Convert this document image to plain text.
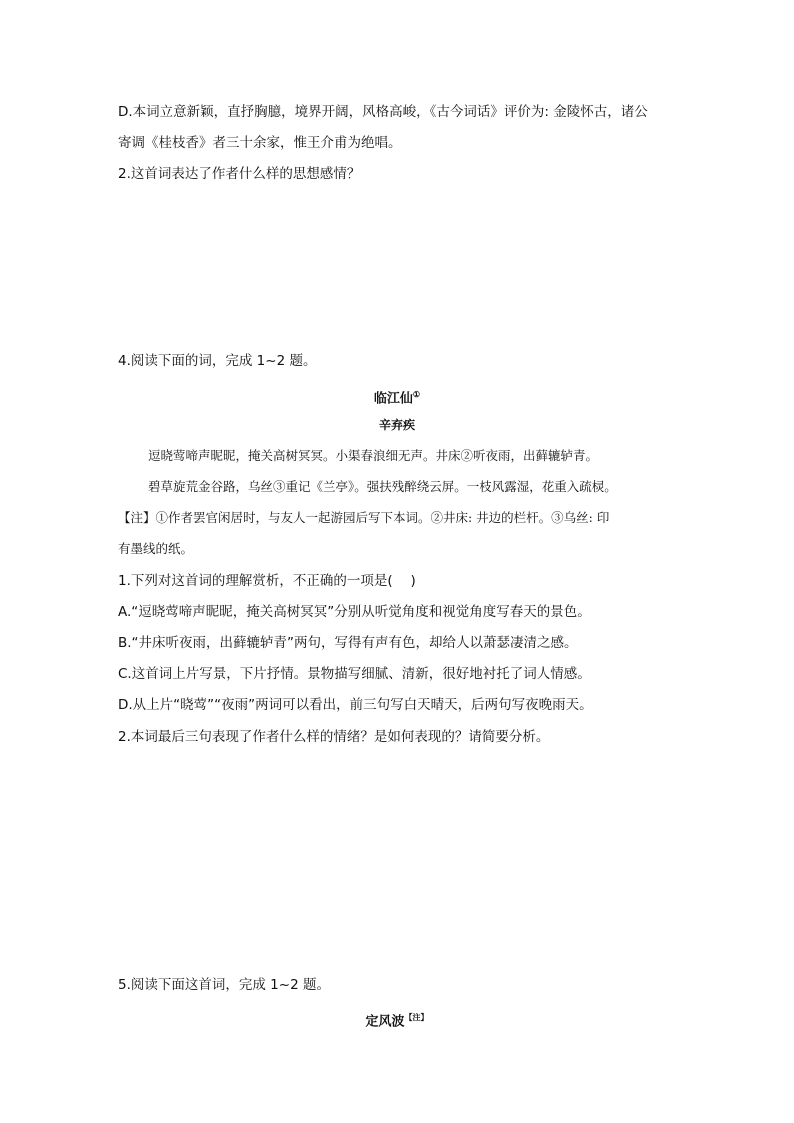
D.本词立意新颖，直抒胸臆，境界开阔，风格高峻，《古今词话》评价为: 金陵怀古，诸公
寄调《桂枝香》者三十余家，惟王介甫为绝唱。
2.这首词表达了作者什么样的思想感情？
4.阅读下面的词，完成 1~2 题。
临江仙①
辛弃疾
逗晓莺啼声昵昵，掩关高树冥冥。小渠春浪细无声。井床②听夜雨，出藓辘轳青。
碧草旋荒金谷路，乌丝③重记《兰亭》。强扶残醉绕云屏。一枝风露湿，花重入疏棂。
【注】①作者罢官闲居时，与友人一起游园后写下本词。②井床: 井边的栏杆。③乌丝: 印
有墨线的纸。
1.下列对这首词的理解赏析，不正确的一项是(　 )
A.“逗晓莺啼声昵昵，掩关高树冥冥”分别从听觉角度和视觉角度写春天的景色。
B.“井床听夜雨，出藓辘轳青”两句，写得有声有色，却给人以萧瑟凄清之感。
C.这首词上片写景，下片抒情。景物描写细腻、清新，很好地衬托了词人情感。
D.从上片“晓莺”“夜雨”两词可以看出，前三句写白天晴天，后两句写夜晚雨天。
2.本词最后三句表现了作者什么样的情绪？是如何表现的？请简要分析。
5.阅读下面这首词，完成 1~2 题。
定风波$^{【注】}$
